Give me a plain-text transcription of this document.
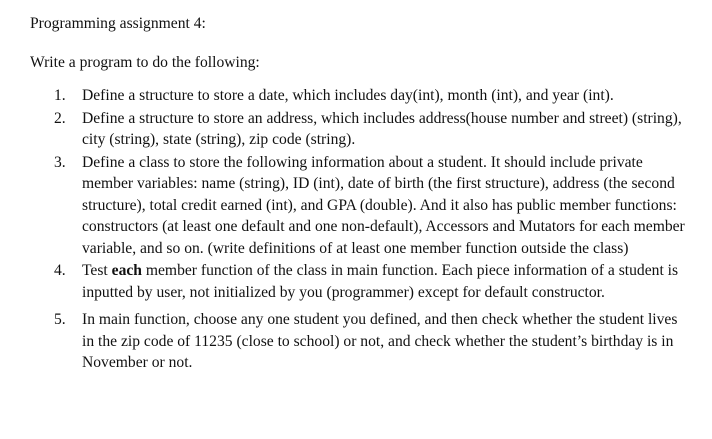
Programming assignment 4:
Write a program to do the following:
1. Define a structure to store a date, which includes day(int), month (int), and year (int).
2. Define a structure to store an address, which includes address(house number and street) (string), city (string), state (string), zip code (string).
3. Define a class to store the following information about a student. It should include private member variables: name (string), ID (int), date of birth (the first structure), address (the second structure), total credit earned (int), and GPA (double). And it also has public member functions: constructors (at least one default and one non-default), Accessors and Mutators for each member variable, and so on. (write definitions of at least one member function outside the class)
4. Test each member function of the class in main function. Each piece information of a student is inputted by user, not initialized by you (programmer) except for default constructor.
5. In main function, choose any one student you defined, and then check whether the student lives in the zip code of 11235 (close to school) or not, and check whether the student’s birthday is in November or not.
